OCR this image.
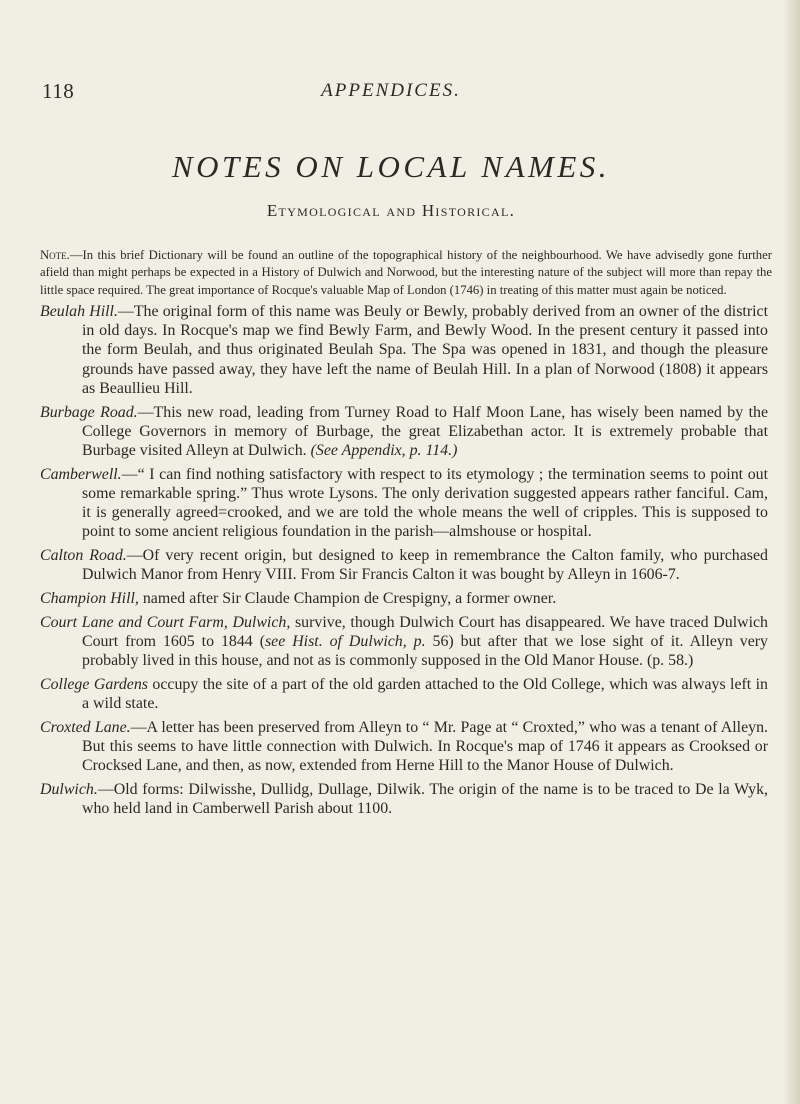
118	APPENDICES.
NOTES ON LOCAL NAMES.
Etymological and Historical.

Note.—In this brief Dictionary will be found an outline of the topographical history of the neighbourhood. We have advisedly gone further afield than might perhaps be expected in a History of Dulwich and Norwood, but the interesting nature of the subject will more than repay the little space required. The great importance of Rocque's valuable Map of London (1746) in treating of this matter must again be noticed.

Beulah Hill.—The original form of this name was Beuly or Bewly, probably derived from an owner of the district in old days. In Rocque's map we find Bewly Farm, and Bewly Wood. In the present century it passed into the form Beulah, and thus originated Beulah Spa. The Spa was opened in 1831, and though the pleasure grounds have passed away, they have left the name of Beulah Hill. In a plan of Norwood (1808) it appears as Beaullieu Hill.

Burbage Road.—This new road, leading from Turney Road to Half Moon Lane, has wisely been named by the College Governors in memory of Burbage, the great Elizabethan actor. It is extremely probable that Burbage visited Alleyn at Dulwich. (See Appendix, p. 114.)

Camberwell.—“ I can find nothing satisfactory with respect to its etymology ; the termination seems to point out some remarkable spring.” Thus wrote Lysons. The only derivation suggested appears rather fanciful. Cam, it is generally agreed=crooked, and we are told the whole means the well of cripples. This is supposed to point to some ancient religious foundation in the parish—almshouse or hospital.

Calton Road.—Of very recent origin, but designed to keep in remembrance the Calton family, who purchased Dulwich Manor from Henry VIII. From Sir Francis Calton it was bought by Alleyn in 1606-7.

Champion Hill, named after Sir Claude Champion de Crespigny, a former owner.

Court Lane and Court Farm, Dulwich, survive, though Dulwich Court has disappeared. We have traced Dulwich Court from 1605 to 1844 (see Hist. of Dulwich, p. 56) but after that we lose sight of it. Alleyn very probably lived in this house, and not as is commonly supposed in the Old Manor House. (p. 58.)

College Gardens occupy the site of a part of the old garden attached to the Old College, which was always left in a wild state.

Croxted Lane.—A letter has been preserved from Alleyn to “ Mr. Page at “ Croxted,” who was a tenant of Alleyn. But this seems to have little connection with Dulwich. In Rocque's map of 1746 it appears as Crooksed or Crocksed Lane, and then, as now, extended from Herne Hill to the Manor House of Dulwich.

Dulwich.—Old forms: Dilwisshe, Dullidg, Dullage, Dilwik. The origin of the name is to be traced to De la Wyk, who held land in Camberwell Parish about 1100.
